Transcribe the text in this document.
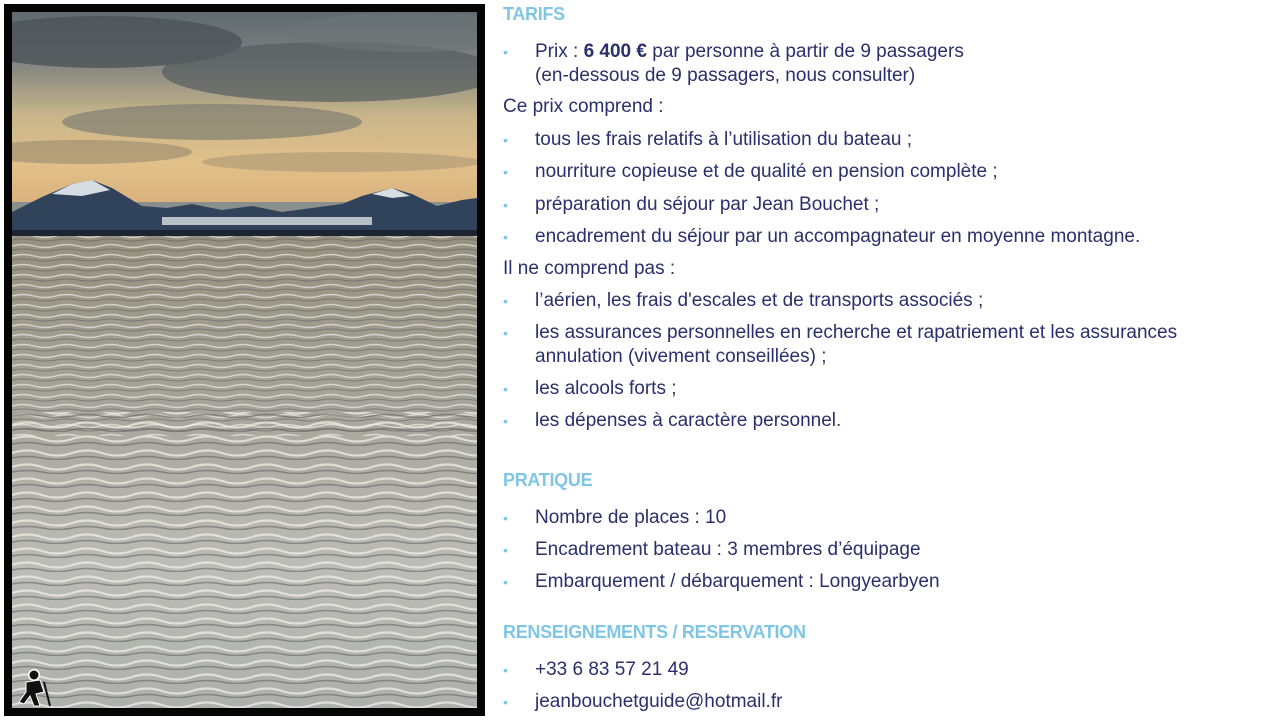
TARIFS
• Prix : 6 400 € par personne à partir de 9 passagers
(en-dessous de 9 passagers, nous consulter)
Ce prix comprend :
• tous les frais relatifs à l’utilisation du bateau ;
• nourriture copieuse et de qualité en pension complète ;
• préparation du séjour par Jean Bouchet ;
• encadrement du séjour par un accompagnateur en moyenne montagne.
Il ne comprend pas :
• l’aérien, les frais d'escales et de transports associés ;
• les assurances personnelles en recherche et rapatriement et les assurances
annulation (vivement conseillées) ;
• les alcools forts ;
• les dépenses à caractère personnel.
PRATIQUE
• Nombre de places : 10
• Encadrement bateau : 3 membres d’équipage
• Embarquement / débarquement : Longyearbyen
RENSEIGNEMENTS / RESERVATION
• +33 6 83 57 21 49
• jeanbouchetguide@hotmail.fr
